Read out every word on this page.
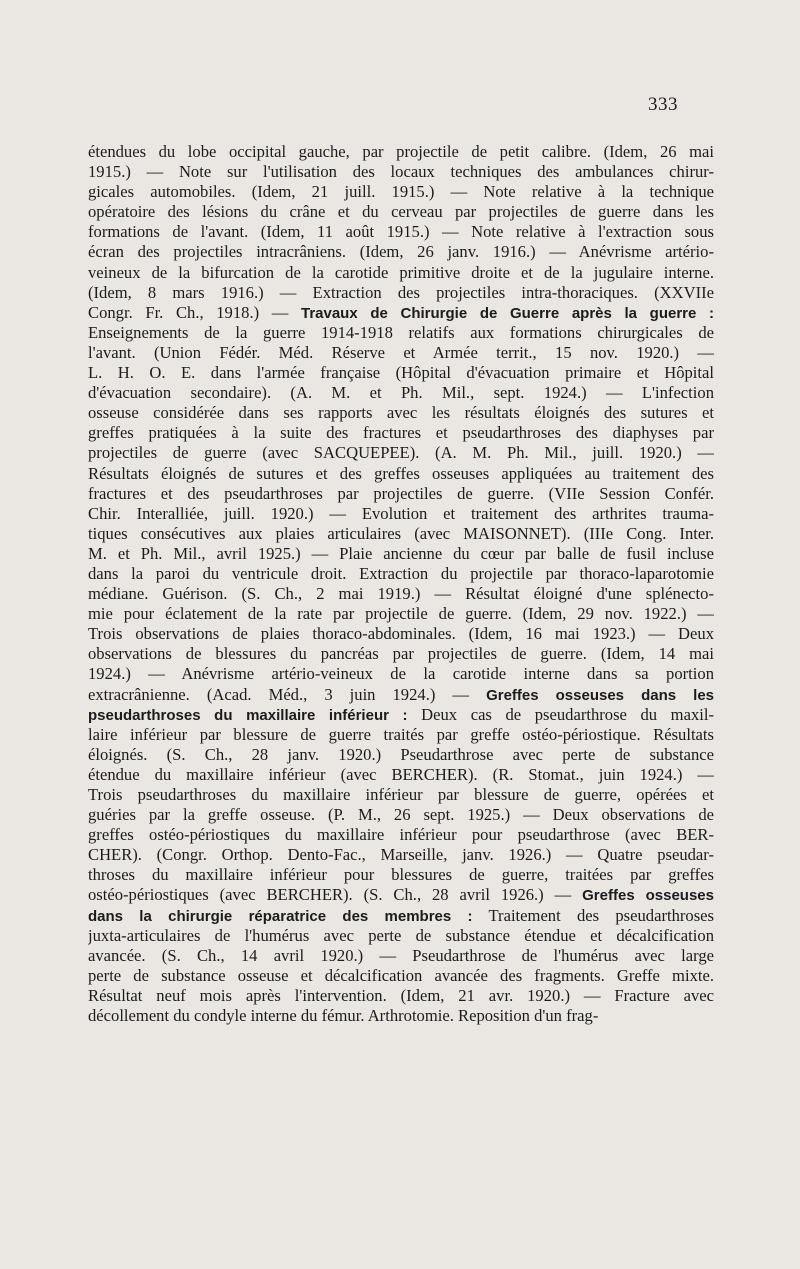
333
étendues du lobe occipital gauche, par projectile de petit calibre. (Idem, 26 mai
1915.) — Note sur l'utilisation des locaux techniques des ambulances chirur-
gicales automobiles. (Idem, 21 juill. 1915.) — Note relative à la technique
opératoire des lésions du crâne et du cerveau par projectiles de guerre dans les
formations de l'avant. (Idem, 11 août 1915.) — Note relative à l'extraction sous
écran des projectiles intracrâniens. (Idem, 26 janv. 1916.) — Anévrisme artério-
veineux de la bifurcation de la carotide primitive droite et de la jugulaire interne.
(Idem, 8 mars 1916.) — Extraction des projectiles intra-thoraciques. (XXVIIe
Congr. Fr. Ch., 1918.) — Travaux de Chirurgie de Guerre après la guerre :
Enseignements de la guerre 1914-1918 relatifs aux formations chirurgicales de
l'avant. (Union Fédér. Méd. Réserve et Armée territ., 15 nov. 1920.) —
L. H. O. E. dans l'armée française (Hôpital d'évacuation primaire et Hôpital
d'évacuation secondaire). (A. M. et Ph. Mil., sept. 1924.) — L'infection
osseuse considérée dans ses rapports avec les résultats éloignés des sutures et
greffes pratiquées à la suite des fractures et pseudarthroses des diaphyses par
projectiles de guerre (avec SACQUEPEE). (A. M. Ph. Mil., juill. 1920.) —
Résultats éloignés de sutures et des greffes osseuses appliquées au traitement des
fractures et des pseudarthroses par projectiles de guerre. (VIIe Session Confér.
Chir. Interalliée, juill. 1920.) — Evolution et traitement des arthrites trauma-
tiques consécutives aux plaies articulaires (avec MAISONNET). (IIIe Cong. Inter.
M. et Ph. Mil., avril 1925.) — Plaie ancienne du cœur par balle de fusil incluse
dans la paroi du ventricule droit. Extraction du projectile par thoraco-laparotomie
médiane. Guérison. (S. Ch., 2 mai 1919.) — Résultat éloigné d'une splénecto-
mie pour éclatement de la rate par projectile de guerre. (Idem, 29 nov. 1922.) —
Trois observations de plaies thoraco-abdominales. (Idem, 16 mai 1923.) — Deux
observations de blessures du pancréas par projectiles de guerre. (Idem, 14 mai
1924.) — Anévrisme artério-veineux de la carotide interne dans sa portion
extracrânienne. (Acad. Méd., 3 juin 1924.) — Greffes osseuses dans les
pseudarthroses du maxillaire inférieur : Deux cas de pseudarthrose du maxil-
laire inférieur par blessure de guerre traités par greffe ostéo-périostique. Résultats
éloignés. (S. Ch., 28 janv. 1920.) Pseudarthrose avec perte de substance
étendue du maxillaire inférieur (avec BERCHER). (R. Stomat., juin 1924.) —
Trois pseudarthroses du maxillaire inférieur par blessure de guerre, opérées et
guéries par la greffe osseuse. (P. M., 26 sept. 1925.) — Deux observations de
greffes ostéo-périostiques du maxillaire inférieur pour pseudarthrose (avec BER-
CHER). (Congr. Orthop. Dento-Fac., Marseille, janv. 1926.) — Quatre pseudar-
throses du maxillaire inférieur pour blessures de guerre, traitées par greffes
ostéo-périostiques (avec BERCHER). (S. Ch., 28 avril 1926.) — Greffes osseuses
dans la chirurgie réparatrice des membres : Traitement des pseudarthroses
juxta-articulaires de l'humérus avec perte de substance étendue et décalcification
avancée. (S. Ch., 14 avril 1920.) — Pseudarthrose de l'humérus avec large
perte de substance osseuse et décalcification avancée des fragments. Greffe mixte.
Résultat neuf mois après l'intervention. (Idem, 21 avr. 1920.) — Fracture avec
décollement du condyle interne du fémur. Arthrotomie. Reposition d'un frag-
